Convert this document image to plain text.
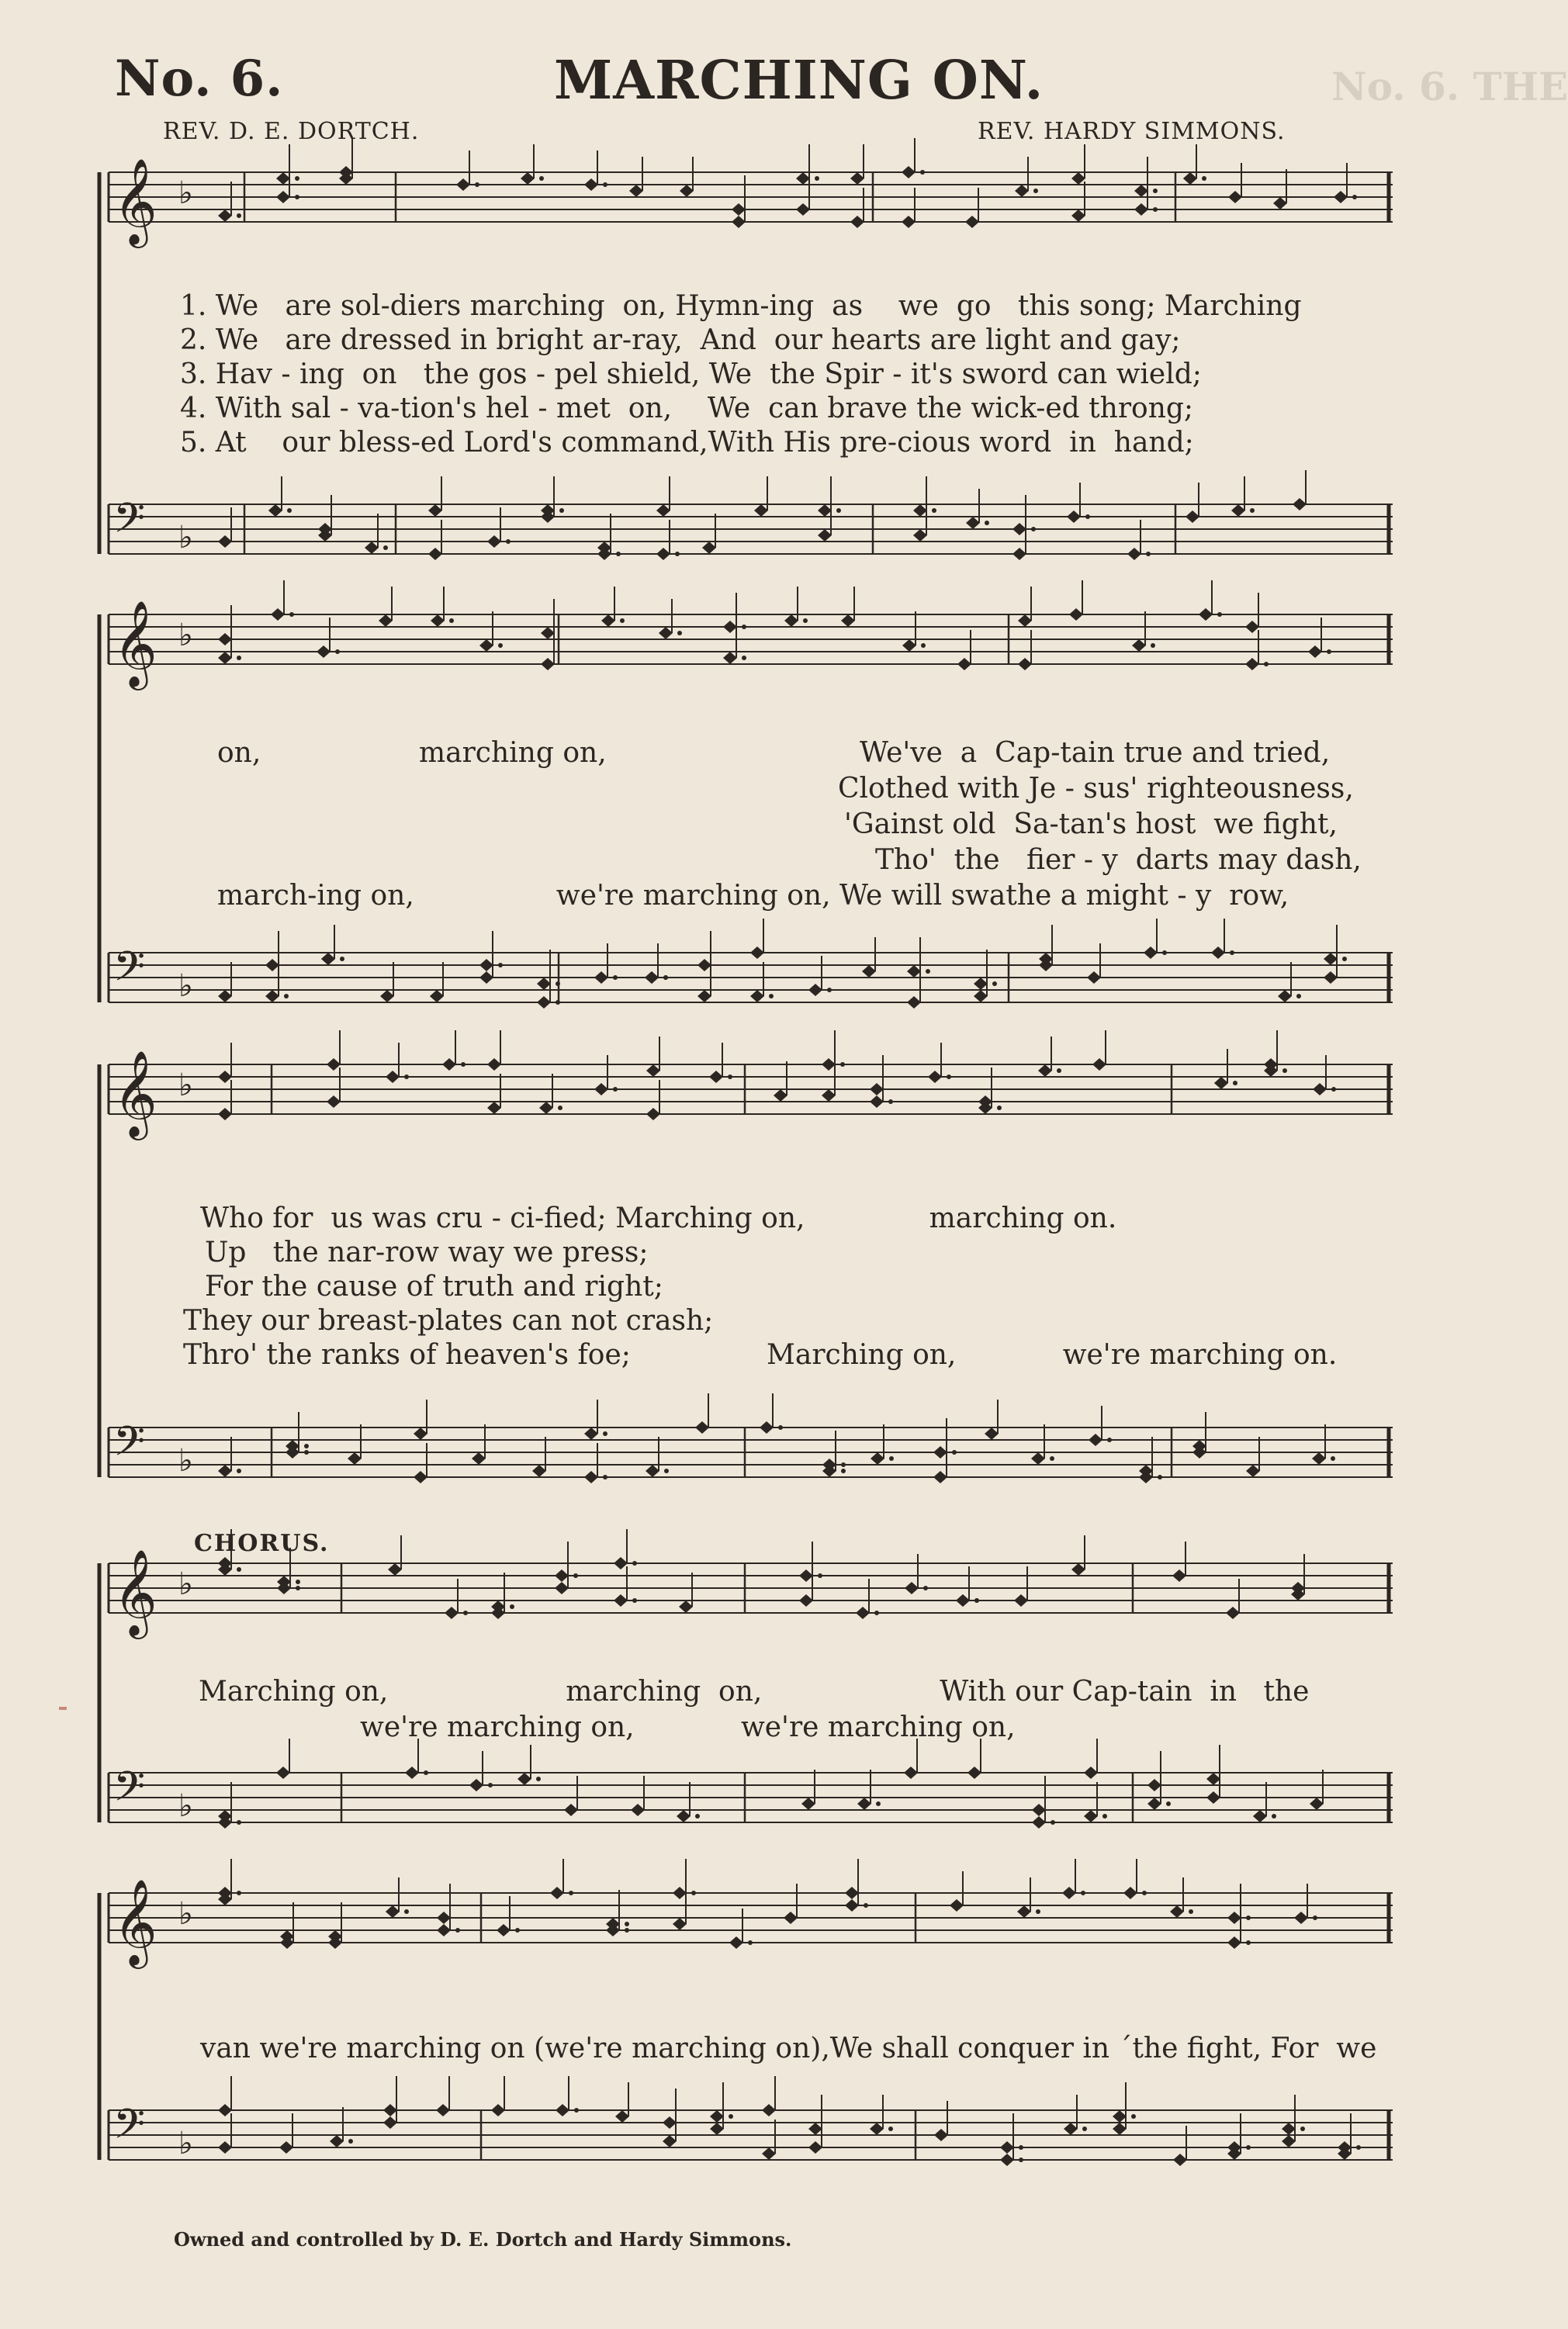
No. 6. THE
No. 6.	MARCHING ON.
REV. D. E. DORTCH.	REV. HARDY SIMMONS.
𝄞 ♭
𝄢 ♭
1. We   are sol-diers marching  on, Hymn-ing  as    we  go   this song; Marching
2. We   are dressed in bright ar-ray,  And  our hearts are light and gay;
3. Hav - ing  on   the gos - pel shield, We  the Spir - it's sword can wield;
4. With sal - va-tion's hel - met  on,    We  can brave the wick-ed throng;
5. At    our bless-ed Lord's command,With His pre-cious word  in  hand;
𝄞 ♭
𝄢 ♭
on,	marching on,	We've  a  Cap-tain true and tried,
Clothed with Je - sus' righteousness,
'Gainst old  Sa-tan's host  we fight,
Tho'  the   fier - y  darts may dash,
march-ing on,                we're marching on, We will swathe a might - y  row,
𝄞 ♭
𝄢 ♭
Who for  us was cru - ci-fied; Marching on,              marching on.
Up   the nar-row way we press;
For the cause of truth and right;
They our breast-plates can not crash;
Thro' the ranks of heaven's foe;	Marching on,            we're marching on.
CHORUS.
𝄞 ♭
𝄢 ♭
Marching on,                    marching  on,                    With our Cap-tain  in   the
we're marching on,            we're marching on,
𝄞 ♭
𝄢 ♭
van we're marching on (we're marching on),We shall conquer in ´the fight, For  we
Owned and controlled by D. E. Dortch and Hardy Simmons.
